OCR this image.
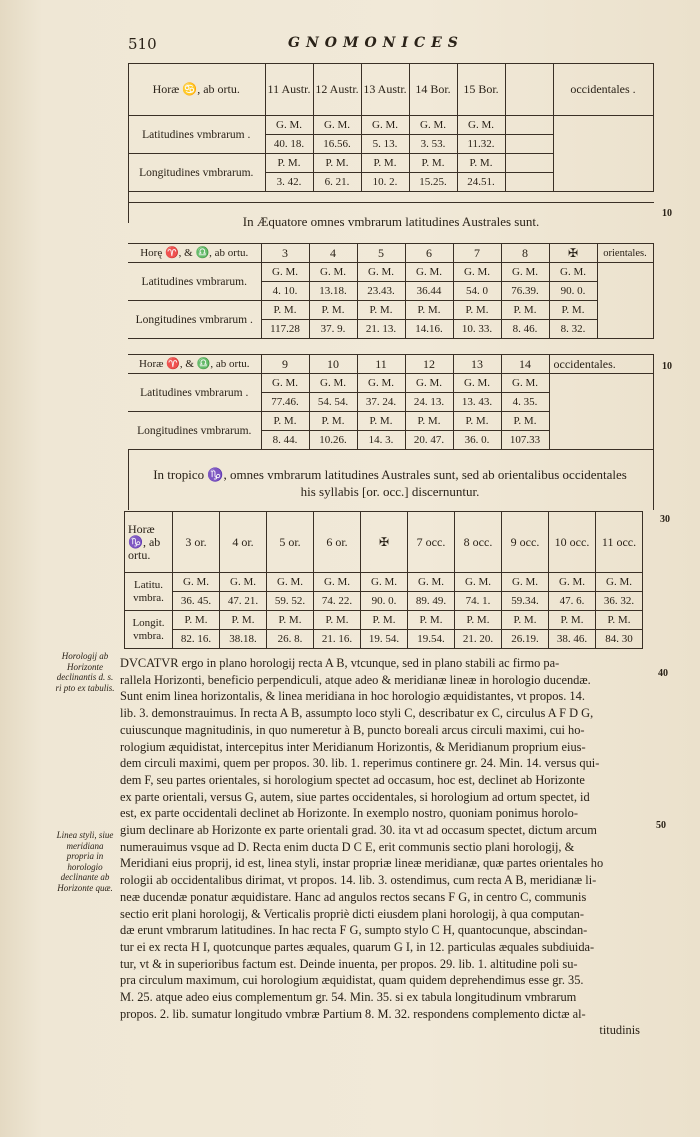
510	GNOMONICES
Horæ ♋, ab ortu.	11 Austr.	12 Austr.	13 Austr.	14 Bor.	15 Bor.		occidentales .
Latitudines vmbrarum .	G. M.	G. M.	G. M.	G. M.	G. M.		
	40. 18.	16.56.	5. 13.	3. 53.	11.32.		
Longitudines vmbrarum.	P. M.	P. M.	P. M.	P. M.	P. M.		
	3. 42.	6. 21.	10. 2.	15.25.	24.51.		
In Æquatore omnes vmbrarum latitudines Australes sunt.
Horę ♈, & ♎, ab ortu.	3	4	5	6	7	8	✠	orientales.
Latitudines vmbrarum.	G. M.	G. M.	G. M.	G. M.	G. M.	G. M.	G. M.	
	4. 10.	13.18.	23.43.	36.44	54. 0	76.39.	90. 0.	
Longitudines vmbrarum .	P. M.	P. M.	P. M.	P. M.	P. M.	P. M.	P. M.	
	117.28	37. 9.	21. 13.	14.16.	10. 33.	8. 46.	8. 32.	
Horæ ♈, & ♎, ab ortu.	9	10	11	12	13	14	occidentales.
Latitudines vmbrarum .	G. M.	G. M.	G. M.	G. M.	G. M.	G. M.	
	77.46.	54. 54.	37. 24.	24. 13.	13. 43.	4. 35.	
Longitudines vmbrarum.	P. M.	P. M.	P. M.	P. M.	P. M.	P. M.	
	8. 44.	10.26.	14. 3.	20. 47.	36. 0.	107.33	
In tropico ♑, omnes vmbrarum latitudines Australes sunt, sed ab orientalibus occidentales his syllabis [or. occ.] discernuntur.
Horæ ♑, ab ortu.	3 or.	4 or.	5 or.	6 or.	✠	7 occ.	8 occ.	9 occ.	10 occ.	11 occ.
Latitu. vmbra.	G. M.	G. M.	G. M.	G. M.	G. M.	G. M.	G. M.	G. M.	G. M.	G. M.
	36. 45.	47. 21.	59. 52.	74. 22.	90. 0.	89. 49.	74. 1.	59.34.	47. 6.	36. 32.
Longit. vmbra.	P. M.	P. M.	P. M.	P. M.	P. M.	P. M.	P. M.	P. M.	P. M.	P. M.
	82. 16.	38.18.	26. 8.	21. 16.	19. 54.	19.54.	21. 20.	26.19.	38. 46.	84. 30
10
10
30
40
50
Horologij ab Horizonte declinantis d. s. ri pto ex tabulis.
Linea styli, siue meridiana propria in horologio declinante ab Horizonte quæ.
DVCATVR ergo in plano horologij recta A B, vtcunque, sed in plano stabili ac firmo pa-
rallela Horizonti, beneficio perpendiculi, atque adeo & meridianæ lineæ in horologio ducendæ.
Sunt enim linea horizontalis, & linea meridiana in hoc horologio æquidistantes, vt propos. 14.
lib. 3. demonstrauimus. In recta A B, assumpto loco styli C, describatur ex C, circulus A F D G,
cuiuscunque magnitudinis, in quo numeretur à B, puncto boreali arcus circuli maximi, cui ho-
rologium æquidistat, intercepitus inter Meridianum Horizontis, & Meridianum proprium eius-
dem circuli maximi, quem per propos. 30. lib. 1. reperimus continere gr. 24. Min. 14. versus qui-
dem F, seu partes orientales, si horologium spectet ad occasum, hoc est, declinet ab Horizonte
ex parte orientali, versus G, autem, siue partes occidentales, si horologium ad ortum spectet, id
est, ex parte occidentali declinet ab Horizonte. In exemplo nostro, quoniam ponimus horolo-
gium declinare ab Horizonte ex parte orientali grad. 30. ita vt ad occasum spectet, dictum arcum
numerauimus vsque ad D. Recta enim ducta D C E, erit communis sectio plani horologij, &
Meridiani eius proprij, id est, linea styli, instar propriæ lineæ meridianæ, quæ partes orientales ho
rologii ab occidentalibus dirimat, vt propos. 14. lib. 3. ostendimus, cum recta A B, meridianæ li-
neæ ducendæ ponatur æquidistare. Hanc ad angulos rectos secans F G, in centro C, communis
sectio erit plani horologij, & Verticalis propriè dicti eiusdem plani horologij, à qua computan-
dæ erunt vmbrarum latitudines. In hac recta F G, sumpto stylo C H, quantocunque, abscindan-
tur ei ex recta H I, quotcunque partes æquales, quarum G I, in 12. particulas æquales subdiuida-
tur, vt & in superioribus factum est. Deinde inuenta, per propos. 29. lib. 1. altitudine poli su-
pra circulum maximum, cui horologium æquidistat, quam quidem deprehendimus esse gr. 35.
M. 25. atque adeo eius complementum gr. 54. Min. 35. si ex tabula longitudinum vmbrarum
propos. 2. lib. sumatur longitudo vmbræ Partium 8. M. 32. respondens complemento dictæ al-
titudinis
